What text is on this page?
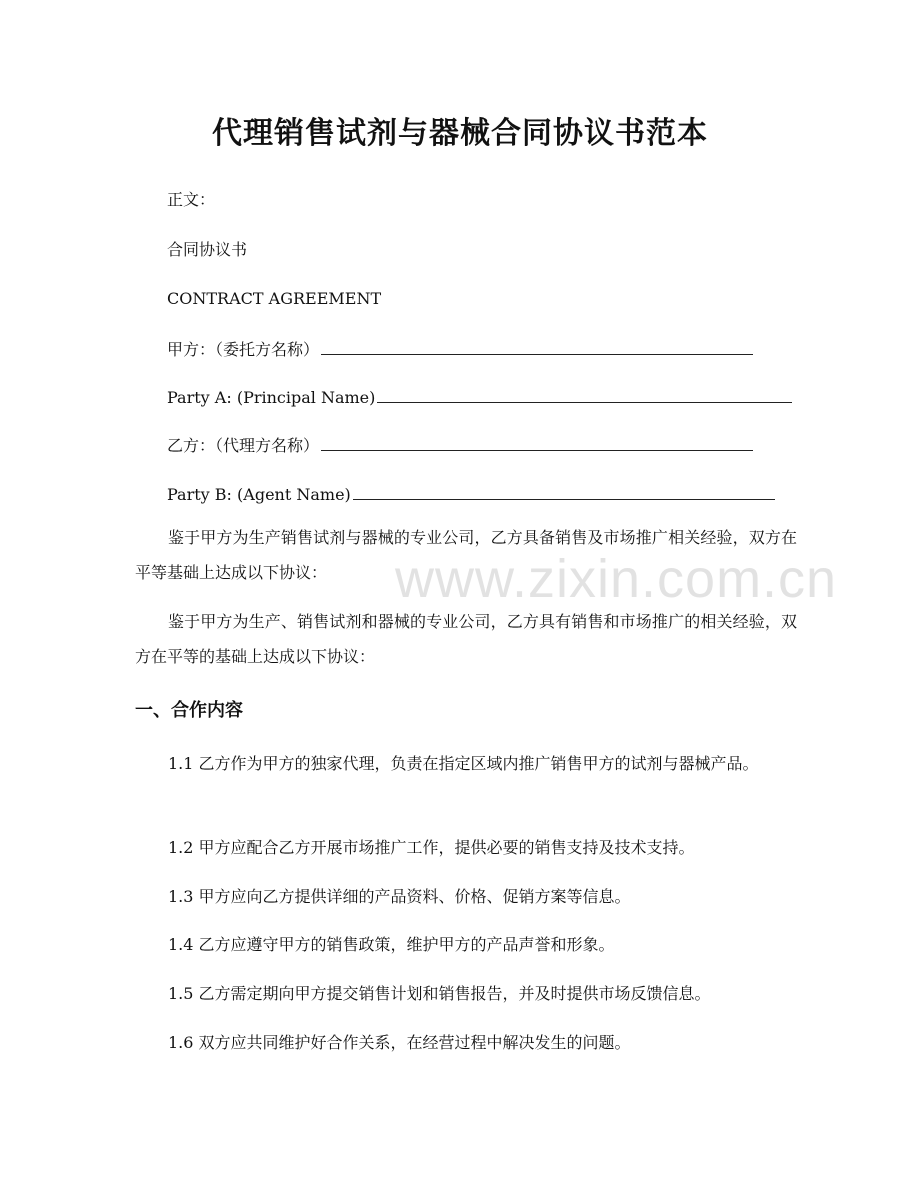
www.zixin.com.cn
代理销售试剂与器械合同协议书范本
正文：
合同协议书
CONTRACT AGREEMENT
甲方：（委托方名称）
Party A: (Principal Name)
乙方：（代理方名称）
Party B: (Agent Name)
鉴于甲方为生产销售试剂与器械的专业公司，乙方具备销售及市场推广相关经验，双方在平等基础上达成以下协议：
鉴于甲方为生产、销售试剂和器械的专业公司，乙方具有销售和市场推广的相关经验，双方在平等的基础上达成以下协议：
一、合作内容
1.1 乙方作为甲方的独家代理，负责在指定区域内推广销售甲方的试剂与器械产品。
1.2 甲方应配合乙方开展市场推广工作，提供必要的销售支持及技术支持。
1.3 甲方应向乙方提供详细的产品资料、价格、促销方案等信息。
1.4 乙方应遵守甲方的销售政策，维护甲方的产品声誉和形象。
1.5 乙方需定期向甲方提交销售计划和销售报告，并及时提供市场反馈信息。
1.6 双方应共同维护好合作关系，在经营过程中解决发生的问题。
